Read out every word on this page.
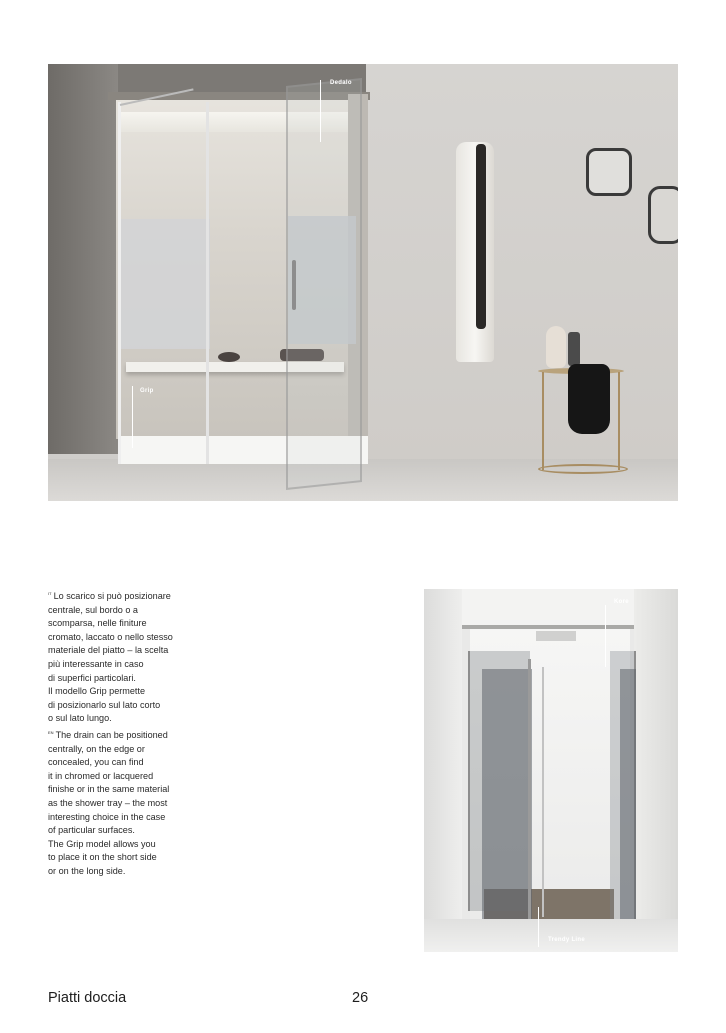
Dedalo
Grip
$^{IT}$ Lo scarico si può posizionare
centrale, sul bordo o a
scomparsa, nelle finiture
cromato, laccato o nello stesso
materiale del piatto – la scelta
più interessante in caso
di superfici particolari.
Il modello Grip permette
di posizionarlo sul lato corto
o sul lato lungo.
$^{EN}$ The drain can be positioned
centrally, on the edge or
concealed, you can find
it in chromed or lacquered
finishe or in the same material
as the shower tray – the most
interesting choice in the case
of particular surfaces.
The Grip model allows you
to place it on the short side
or on the long side.
Kore
Trendy Line
Piatti doccia	26
